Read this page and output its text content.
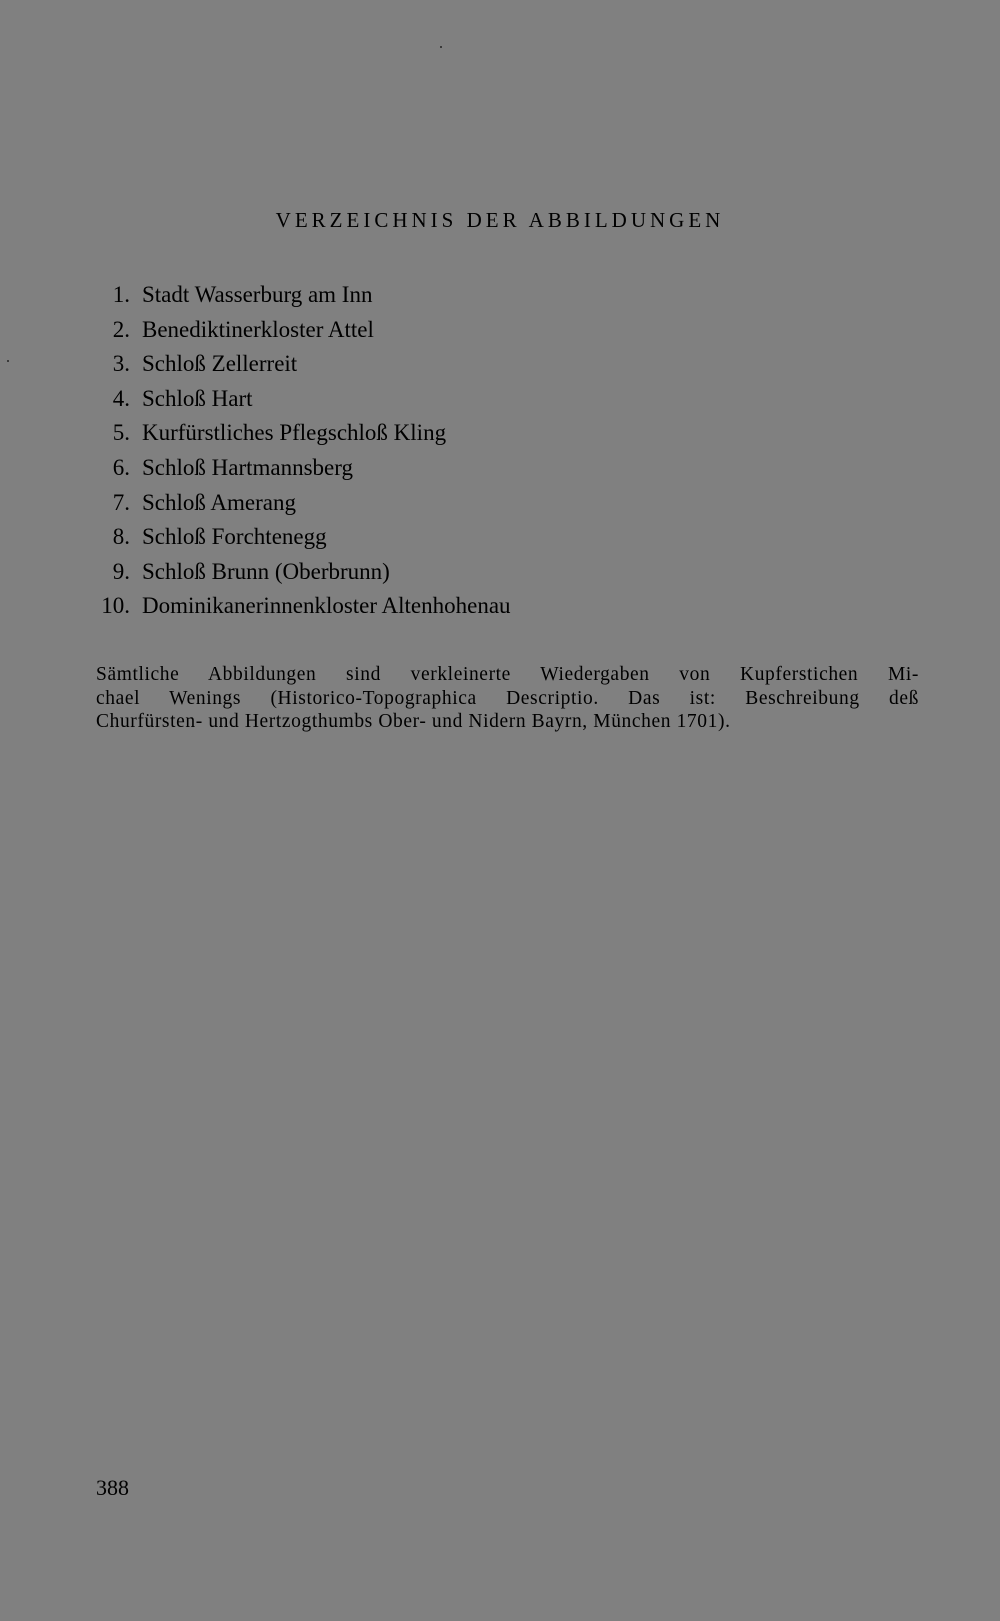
VERZEICHNIS DER ABBILDUNGEN
1. Stadt Wasserburg am Inn
2. Benediktinerkloster Attel
3. Schloß Zellerreit
4. Schloß Hart
5. Kurfürstliches Pflegschloß Kling
6. Schloß Hartmannsberg
7. Schloß Amerang
8. Schloß Forchtenegg
9. Schloß Brunn (Oberbrunn)
10. Dominikanerinnenkloster Altenhohenau
Sämtliche Abbildungen sind verkleinerte Wiedergaben von Kupferstichen Mi-
chael Wenings (Historico-Topographica Descriptio. Das ist: Beschreibung deß
Churfürsten- und Hertzogthumbs Ober- und Nidern Bayrn, München 1701).
388
